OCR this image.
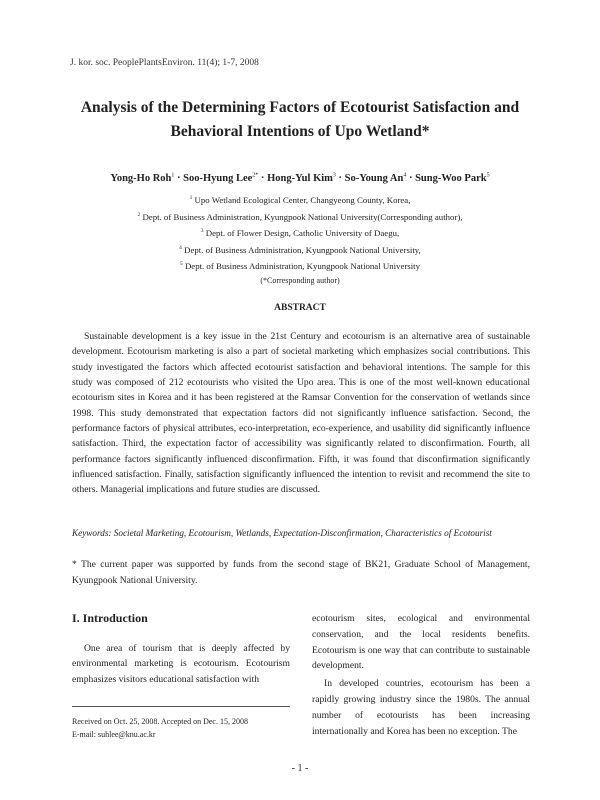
J. kor. soc. PeoplePlantsEnviron. 11(4); 1-7, 2008
Analysis of the Determining Factors of Ecotourist Satisfaction and
Behavioral Intentions of Upo Wetland*
Yong-Ho Roh$^1$ · Soo-Hyung Lee$^{2*}$ · Hong-Yul Kim$^3$ · So-Young $An^4$ · Sung-Woo Park$^5$
$^1$ Upo Wetland Ecological Center, Changyeong County, Korea,
$^2$ Dept. of Business Administration, Kyungpook National University(Corresponding author),
$^3$ Dept. of Flower Design, Catholic University of Daegu,
$^4$ Dept. of Business Administration, Kyungpook National University,
$^5$ Dept. of Business Administration, Kyungpook National University
(*Corresponding author)
ABSTRACT
Sustainable development is a key issue in the 21st Century and ecotourism is an alternative area of sustainable development. Ecotourism marketing is also a part of societal marketing which emphasizes social contributions. This study investigated the factors which affected ecotourist satisfaction and behavioral intentions. The sample for this study was composed of 212 ecotourists who visited the Upo area. This is one of the most well-known educational ecotourism sites in Korea and it has been registered at the Ramsar Convention for the conservation of wetlands since 1998. This study demonstrated that expectation factors did not significantly influence satisfaction. Second, the performance factors of physical attributes, eco-interpretation, eco-experience, and usability did significantly influence satisfaction. Third, the expectation factor of accessibility was significantly related to disconfirmation. Fourth, all performance factors significantly influenced disconfirmation. Fifth, it was found that disconfirmation significantly influenced satisfaction. Finally, satisfaction significantly influenced the intention to revisit and recommend the site to others. Managerial implications and future studies are discussed.
Keywords: Societal Marketing, Ecotourism, Wetlands, Expectation-Disconfirmation, Characteristics of Ecotourist
* The current paper was supported by funds from the second stage of BK21, Graduate School of Management, Kyungpook National University.
I. Introduction
One area of tourism that is deeply affected by environmental marketing is ecotourism. Ecotourism emphasizes visitors educational satisfaction with

ecotourism sites, ecological and environmental conservation, and the local residents benefits. Ecotourism is one way that can contribute to sustainable development.

In developed countries, ecotourism has been a rapidly growing industry since the 1980s. The annual number of ecotourists has been increasing internationally and Korea has been no exception. The

Received on Oct. 25, 2008. Accepted on Dec. 15, 2008
E-mail: suhlee@knu.ac.kr
- 1 -
